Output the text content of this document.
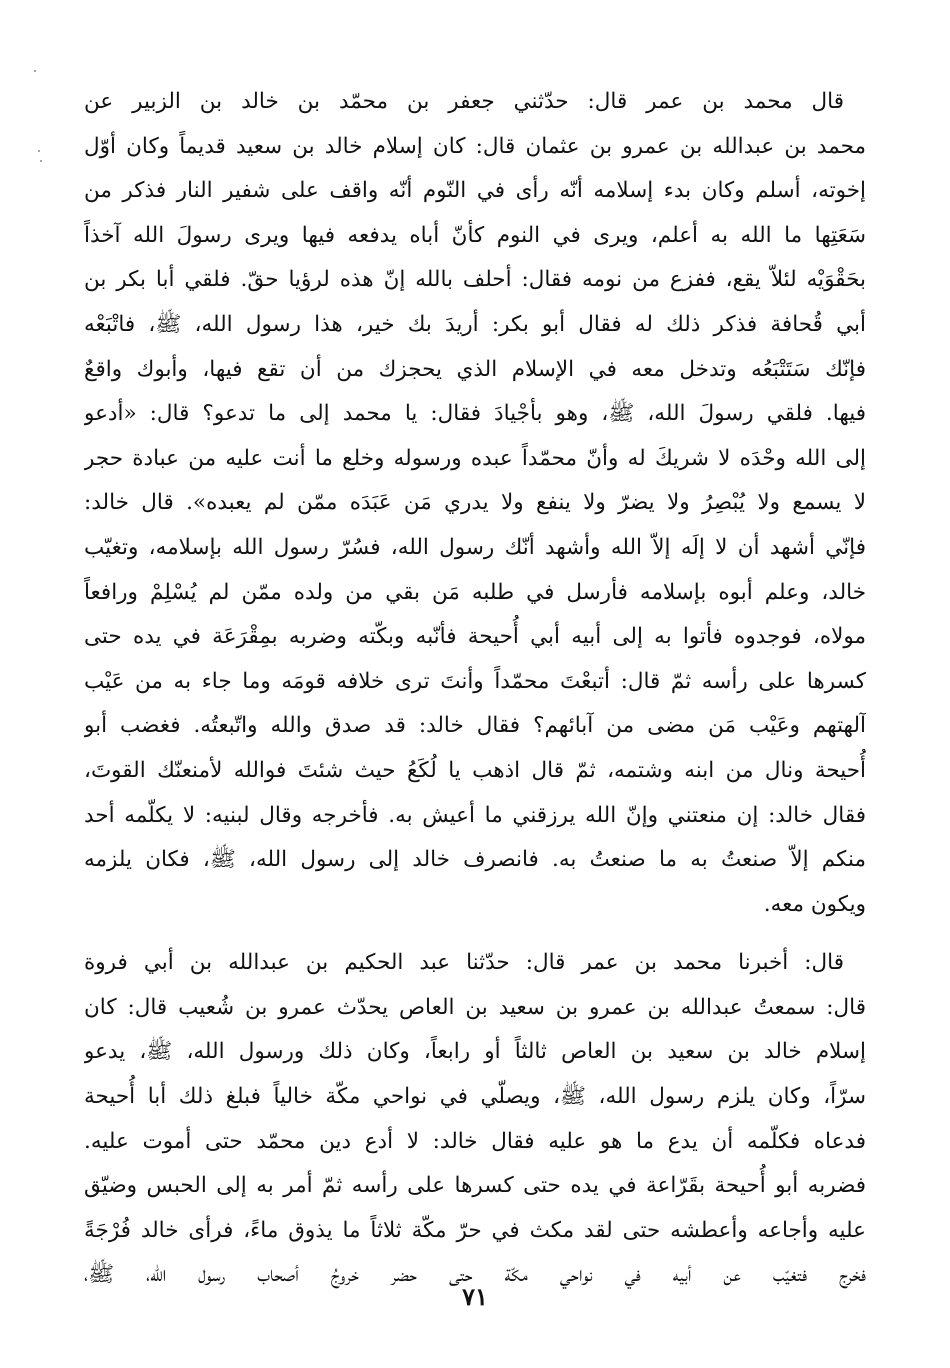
قال محمد بن عمر قال: حدّثني جعفر بن محمّد بن خالد بن الزبير عن
محمد بن عبدالله بن عمرو بن عثمان قال: كان إسلام خالد بن سعيد قديماً وكان أوّل
إخوته، أسلم وكان بدء إسلامه أنّه رأى في النّوم أنّه واقف على شفير النار فذكر من
سَعَتِها ما الله به أعلم، ويرى في النوم كأنّ أباه يدفعه فيها ويرى رسولَ الله آخذاً
بحَقْوَيْه لئلاّ يقع، ففزع من نومه فقال: أحلف بالله إنّ هذه لرؤيا حقّ. فلقي أبا بكر بن
أبي قُحافة فذكر ذلك له فقال أبو بكر: أريدَ بك خير، هذا رسول الله، ﷺ، فاتْبَعْه
فإنّك سَتَتْبَعُه وتدخل معه في الإسلام الذي يحجزك من أن تقع فيها، وأبوك واقعٌ
فيها. فلقي رسولَ الله، ﷺ، وهو بأجْيادَ فقال: يا محمد إلى ما تدعو؟ قال: «أدعو
إلى الله وحْدَه لا شريكَ له وأنّ محمّداً عبده ورسوله وخلع ما أنت عليه من عبادة حجر
لا يسمع ولا يُبْصِرُ ولا يضرّ ولا ينفع ولا يدري مَن عَبَدَه ممّن لم يعبده». قال خالد:
فإنّي أشهد أن لا إلَه إلاّ الله وأشهد أنّك رسول الله، فسُرّ رسول الله بإسلامه، وتغيّب
خالد، وعلم أبوه بإسلامه فأرسل في طلبه مَن بقي من ولده ممّن لم يُسْلِمْ ورافعاً
مولاه، فوجدوه فأتوا به إلى أبيه أبي أُحيحة فأنّبه وبكّته وضربه بمِقْرَعَة في يده حتى
كسرها على رأسه ثمّ قال: أتبعْتَ محمّداً وأنتَ ترى خلافه قومَه وما جاء به من عَيْب
آلهتهم وعَيْب مَن مضى من آبائهم؟ فقال خالد: قد صدق والله واتّبعتُه. فغضب أبو
أُحيحة ونال من ابنه وشتمه، ثمّ قال اذهب يا لُكَعُ حيث شئتَ فوالله لأمنعنّك القوتَ،
فقال خالد: إن منعتني وإنّ الله يرزقني ما أعيش به. فأخرجه وقال لبنيه: لا يكلّمه أحد
منكم إلاّ صنعتُ به ما صنعتُ به. فانصرف خالد إلى رسول الله، ﷺ، فكان يلزمه
ويكون معه.
قال: أخبرنا محمد بن عمر قال: حدّثنا عبد الحكيم بن عبدالله بن أبي فروة
قال: سمعتُ عبدالله بن عمرو بن سعيد بن العاص يحدّث عمرو بن شُعيب قال: كان
إسلام خالد بن سعيد بن العاص ثالثاً أو رابعاً، وكان ذلك ورسول الله، ﷺ، يدعو
سرّاً، وكان يلزم رسول الله، ﷺ، ويصلّي في نواحي مكّة خالياً فبلغ ذلك أبا أُحيحة
فدعاه فكلّمه أن يدع ما هو عليه فقال خالد: لا أدع دين محمّد حتى أموت عليه.
فضربه أبو أُحيحة بقَرّاعة في يده حتى كسرها على رأسه ثمّ أمر به إلى الحبس وضيّق
عليه وأجاعه وأعطشه حتى لقد مكث في حرّ مكّة ثلاثاً ما يذوق ماءً، فرأى خالد فُرْجَةً
فخرج فتغيّب عن أبيه في نواحي مكّة حتى حضر خروجُ أصحاب رسول الله، ﷺ،
٧١
